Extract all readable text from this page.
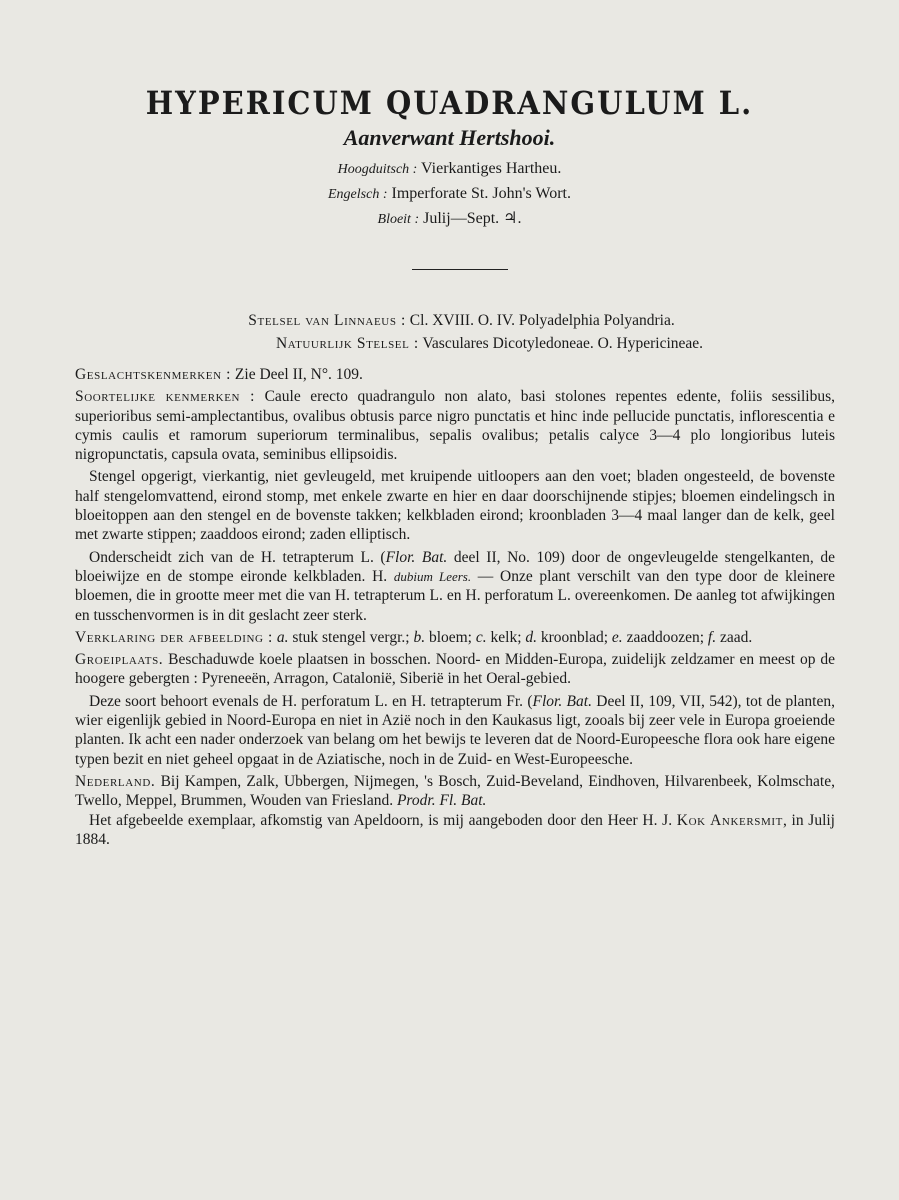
HYPERICUM QUADRANGULUM L.
Aanverwant Hertshooi.
Hoogduitsch : Vierkantiges Hartheu.
Engelsch : Imperforate St. John's Wort.
Bloeit : Julij—Sept. ♃.
Stelsel van Linnaeus : Cl. XVIII. O. IV. Polyadelphia Polyandria.
Natuurlijk Stelsel : Vasculares Dicotyledoneae. O. Hypericineae.

Geslachtskenmerken : Zie Deel II, N°. 109.

Soortelijke kenmerken : Caule erecto quadrangulo non alato, basi stolones repentes edente, foliis sessilibus, superioribus semi-amplectantibus, ovalibus obtusis parce nigro punctatis et hinc inde pellucide punctatis, inflorescentia e cymis caulis et ramorum superiorum terminalibus, sepalis ovalibus; petalis calyce 3—4 plo longioribus luteis nigropunctatis, capsula ovata, seminibus ellipsoidis.

Stengel opgerigt, vierkantig, niet gevleugeld, met kruipende uitloopers aan den voet; bladen ongesteeld, de bovenste half stengelomvattend, eirond stomp, met enkele zwarte en hier en daar doorschijnende stipjes; bloemen eindelingsch in bloeitoppen aan den stengel en de bovenste takken; kelkbladen eirond; kroonbladen 3—4 maal langer dan de kelk, geel met zwarte stippen; zaaddoos eirond; zaden elliptisch.

Onderscheidt zich van de H. tetrapterum L. (Flor. Bat. deel II, No. 109) door de ongevleugelde stengelkanten, de bloeiwijze en de stompe eironde kelkbladen. H. dubium Leers. — Onze plant verschilt van den type door de kleinere bloemen, die in grootte meer met die van H. tetrapterum L. en H. perforatum L. overeenkomen. De aanleg tot afwijkingen en tusschenvormen is in dit geslacht zeer sterk.

Verklaring der afbeelding : a. stuk stengel vergr.; b. bloem; c. kelk; d. kroonblad; e. zaaddoozen; f. zaad.

Groeiplaats. Beschaduwde koele plaatsen in bosschen. Noord- en Midden-Europa, zuidelijk zeldzamer en meest op de hoogere gebergten : Pyreneeën, Arragon, Catalonië, Siberië in het Oeral-gebied.

Deze soort behoort evenals de H. perforatum L. en H. tetrapterum Fr. (Flor. Bat. Deel II, 109, VII, 542), tot de planten, wier eigenlijk gebied in Noord-Europa en niet in Azië noch in den Kaukasus ligt, zooals bij zeer vele in Europa groeiende planten. Ik acht een nader onderzoek van belang om het bewijs te leveren dat de Noord-Europeesche flora ook hare eigene typen bezit en niet geheel opgaat in de Aziatische, noch in de Zuid- en West-Europeesche.

Nederland. Bij Kampen, Zalk, Ubbergen, Nijmegen, 's Bosch, Zuid-Beveland, Eindhoven, Hilvarenbeek, Kolmschate, Twello, Meppel, Brummen, Wouden van Friesland. Prodr. Fl. Bat.

Het afgebeelde exemplaar, afkomstig van Apeldoorn, is mij aangeboden door den Heer H. J. Kok Ankersmit, in Julij 1884.
